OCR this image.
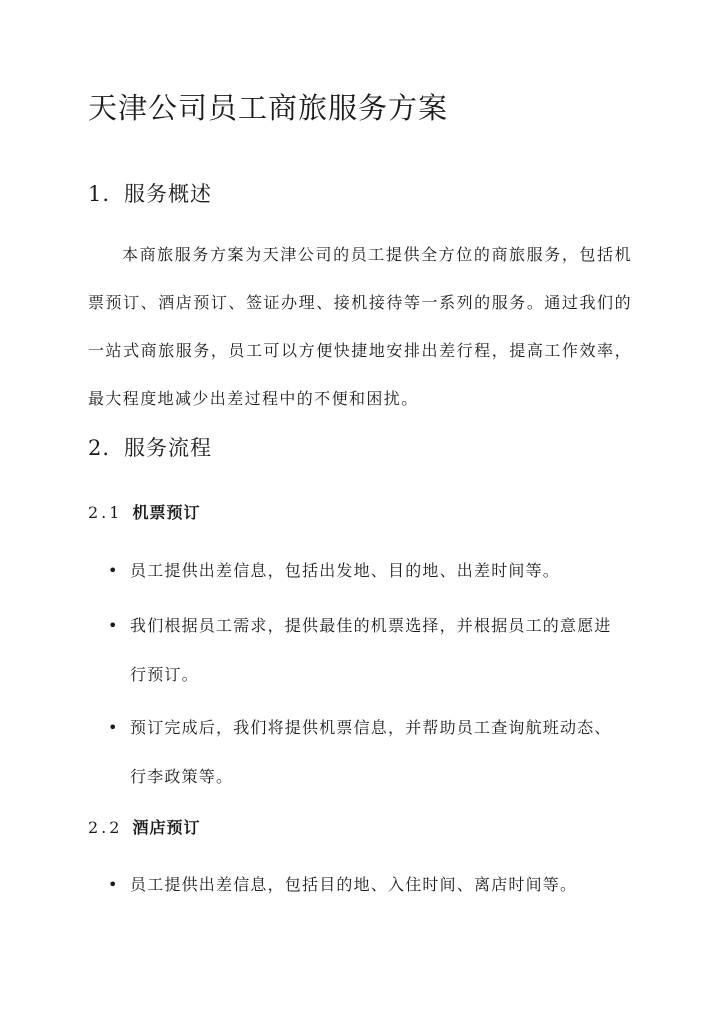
天津公司员工商旅服务方案
1. 服务概述
本商旅服务方案为天津公司的员工提供全方位的商旅服务，包括机票预订、酒店预订、签证办理、接机接待等一系列的服务。通过我们的一站式商旅服务，员工可以方便快捷地安排出差行程，提高工作效率，最大程度地减少出差过程中的不便和困扰。
2. 服务流程
2.1 机票预订
• 员工提供出差信息，包括出发地、目的地、出差时间等。
• 我们根据员工需求，提供最佳的机票选择，并根据员工的意愿进行预订。
• 预订完成后，我们将提供机票信息，并帮助员工查询航班动态、行李政策等。
2.2 酒店预订
• 员工提供出差信息，包括目的地、入住时间、离店时间等。
